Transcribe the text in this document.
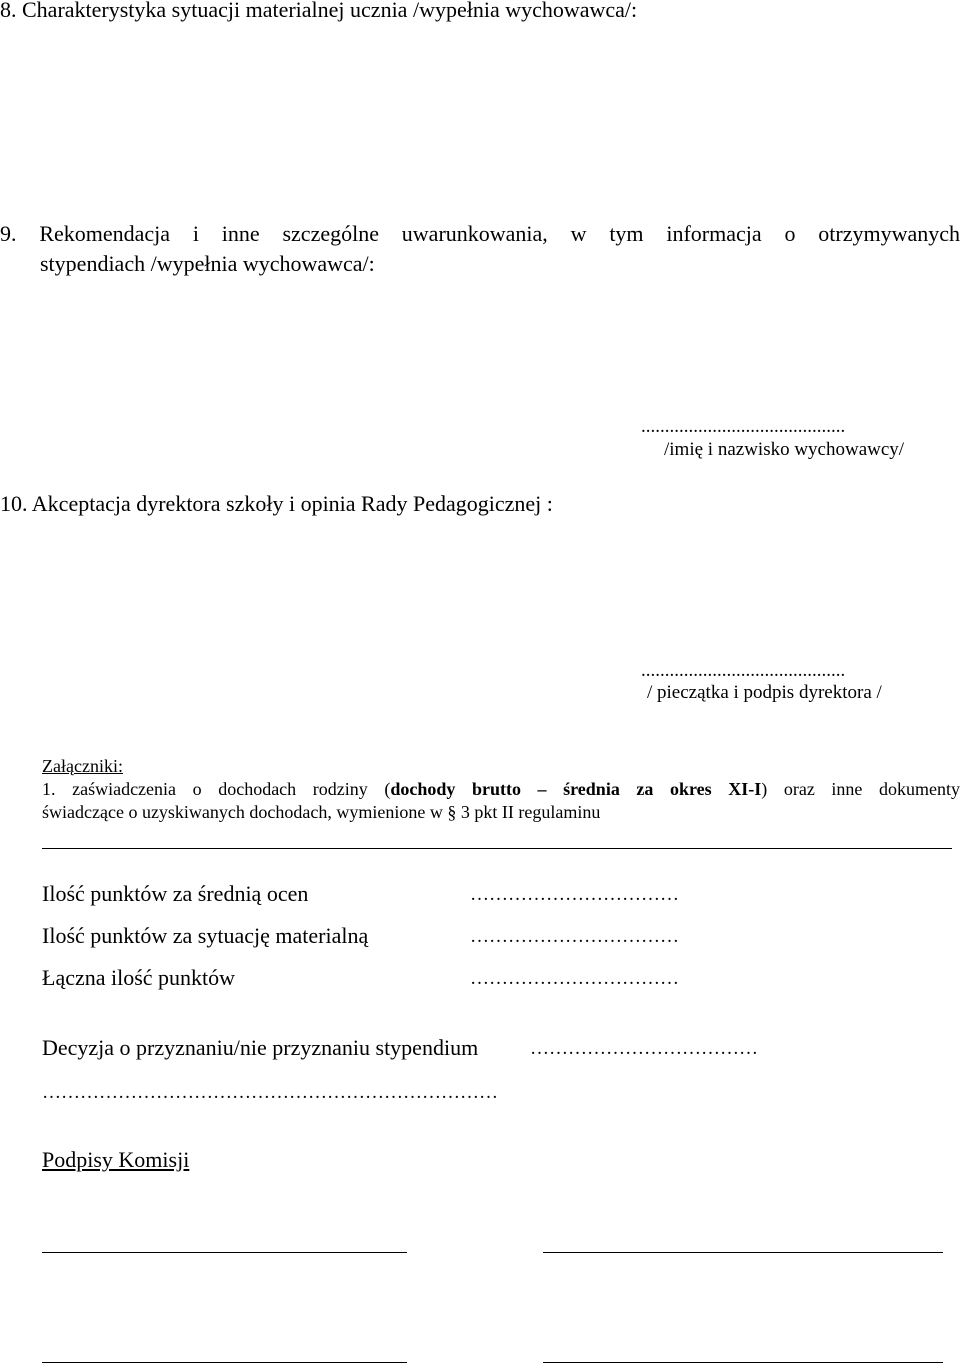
8. Charakterystyka sytuacji materialnej ucznia /wypełnia wychowawca/:
9. Rekomendacja i inne szczególne uwarunkowania, w tym informacja o otrzymywanych
stypendiach /wypełnia wychowawca/:
...........................................
/imię i nazwisko wychowawcy/
10. Akceptacja dyrektora szkoły i opinia Rady Pedagogicznej :
...........................................
/ pieczątka i podpis dyrektora /
Załączniki:
1. zaświadczenia o dochodach rodziny (dochody brutto – średnia za okres XI-I) oraz inne dokumenty
świadczące o uzyskiwanych dochodach, wymienione w § 3 pkt II regulaminu
Ilość punktów za średnią ocen	……………………………
Ilość punktów za sytuację materialną	……………………………
Łączna ilość punktów	……………………………
Decyzja o przyznaniu/nie przyznaniu stypendium	………………………………
………………………………………………………………
Podpisy Komisji
